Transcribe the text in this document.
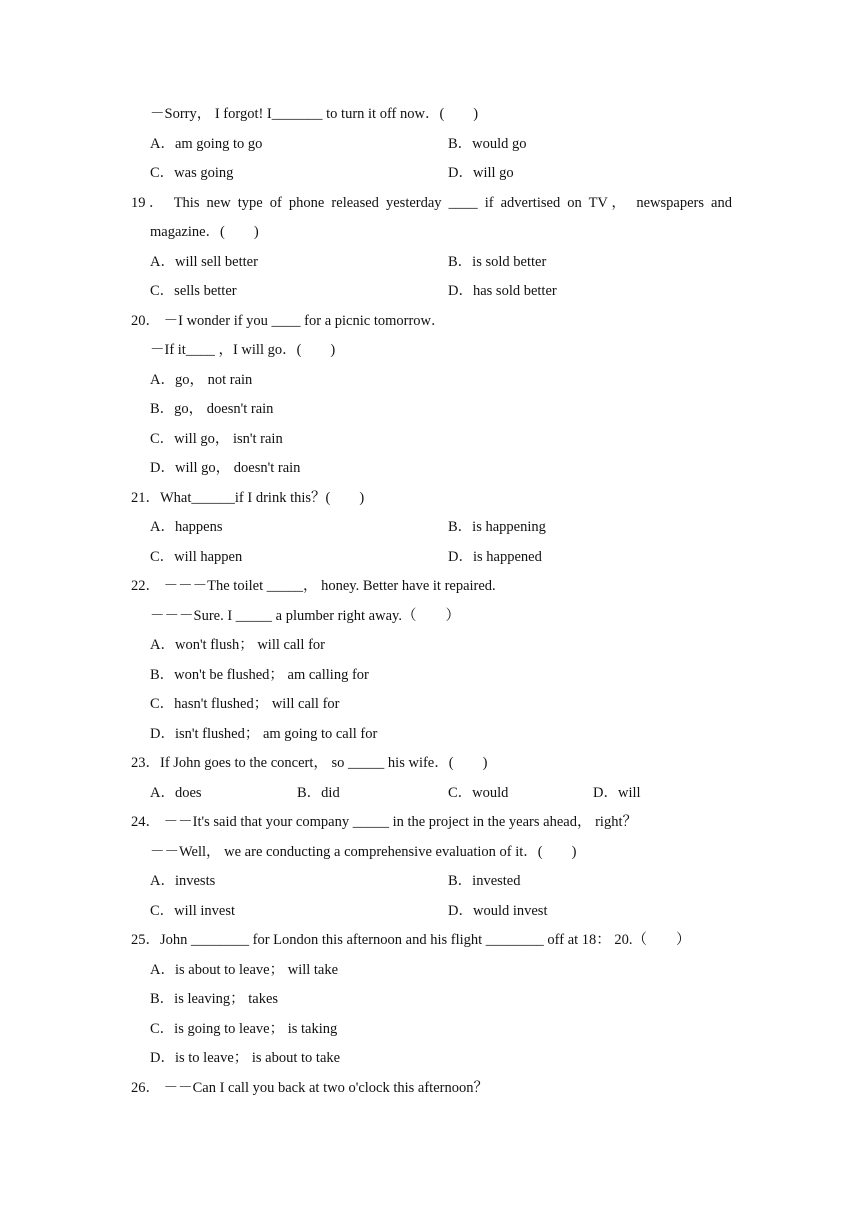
－Sorry， I forgot! I_______ to turn it off now．(　　)
A．am going to go	B．would go
C．was going	D．will go
19． This new type of phone released yesterday ____ if advertised on TV， newspapers and
magazine．(　　)
A．will sell better	B．is sold better
C．sells better	D．has sold better
20． －I wonder if you ____ for a picnic tomorrow．
－If it____ ，I will go．(　　)
A．go， not rain
B．go， doesn't rain
C．will go， isn't rain
D．will go， doesn't rain
21．What______if I drink this？(　　)
A．happens	B．is happening
C．will happen	D．is happened
22． －－－The toilet _____， honey. Better have it repaired.
－－－Sure. I _____ a plumber right away.（　　）
A．won't flush； will call for
B．won't be flushed； am calling for
C．hasn't flushed； will call for
D．isn't flushed； am going to call for
23．If John goes to the concert， so _____ his wife．(　　)
A．does	B．did	C．would	D．will
24． －－It's said that your company _____ in the project in the years ahead， right？
－－Well， we are conducting a comprehensive evaluation of it．(　　)
A．invests	B．invested
C．will invest	D．would invest
25．John ________ for London this afternoon and his flight ________ off at 18： 20.（　　）
A．is about to leave； will take
B．is leaving； takes
C．is going to leave； is taking
D．is to leave； is about to take
26． －－Can I call you back at two o'clock this afternoon？
